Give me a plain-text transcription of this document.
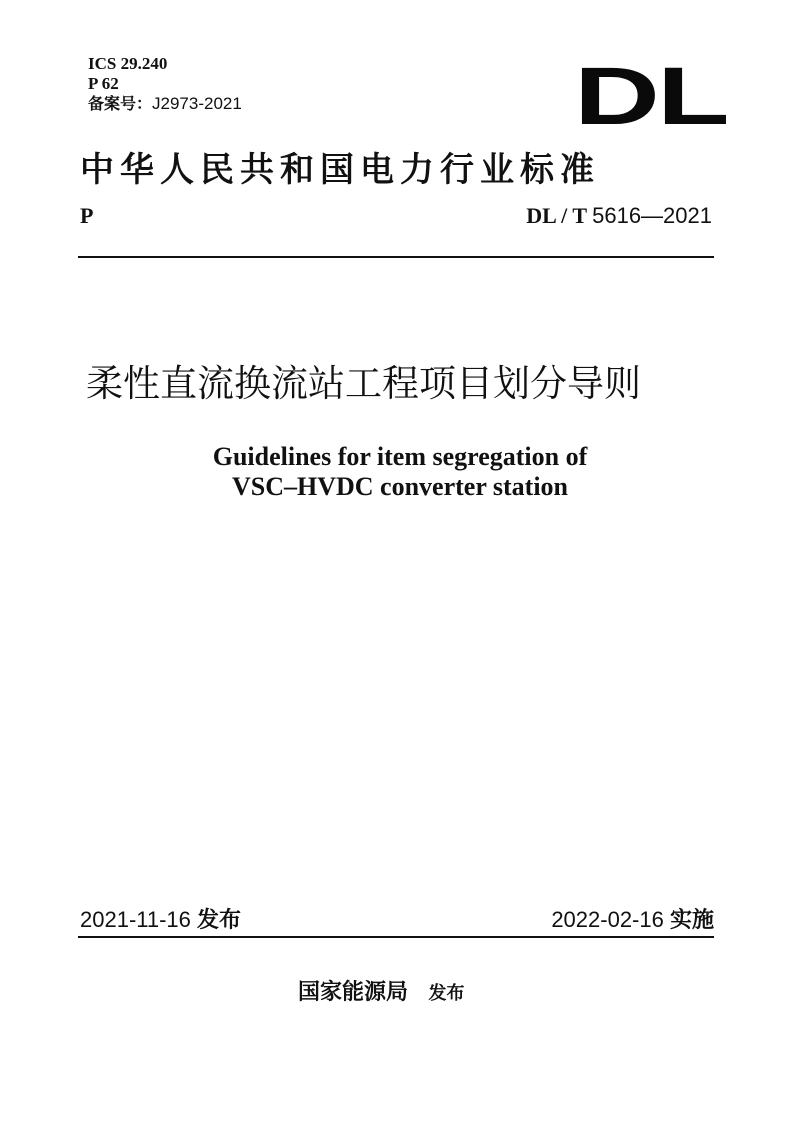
ICS 29.240
P 62
备案号：J2973-2021	DL
中华人民共和国电力行业标准
P	DL / T 5616—2021
柔性直流换流站工程项目划分导则
Guidelines for item segregation of
VSC–HVDC converter station
2021-11-16 发布	2022-02-16 实施
国家能源局 发布
